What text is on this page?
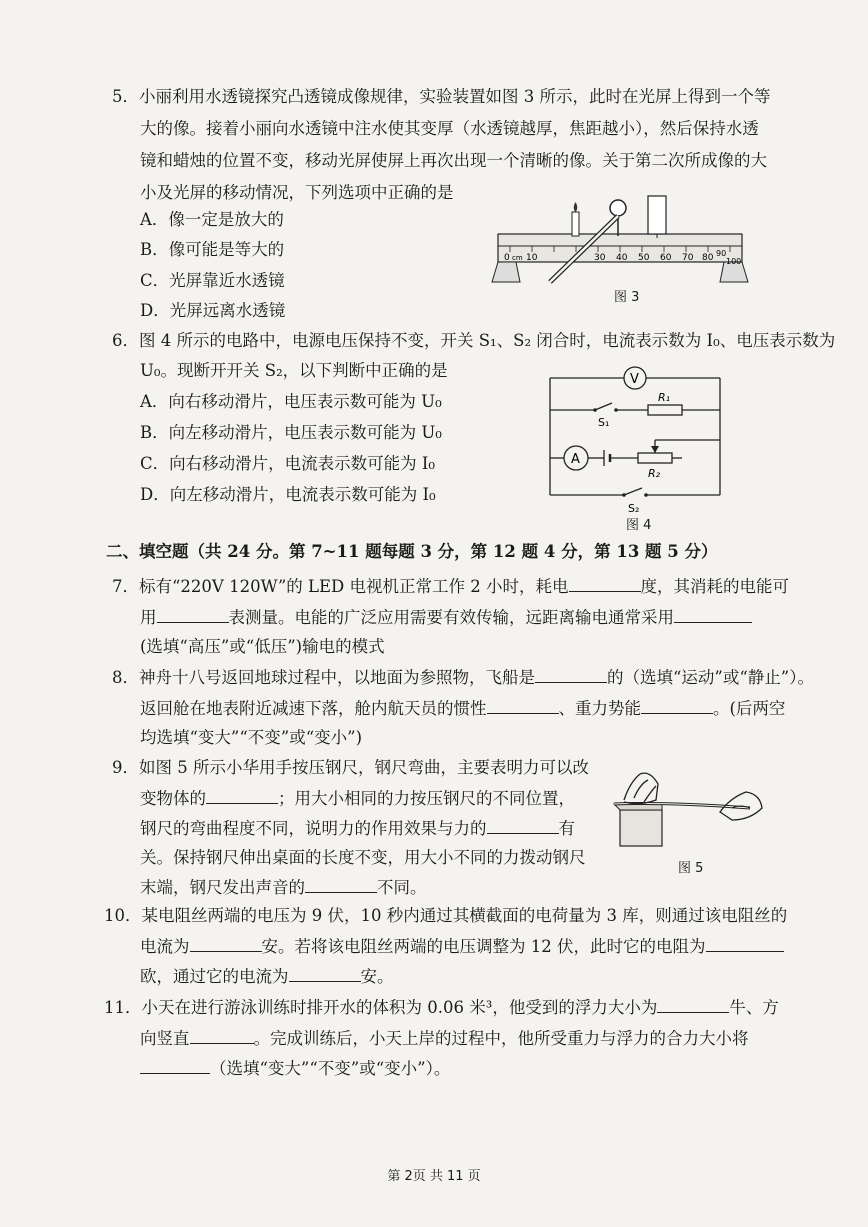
5．小丽利用水透镜探究凸透镜成像规律，实验装置如图 3 所示，此时在光屏上得到一个等
大的像。接着小丽向水透镜中注水使其变厚（水透镜越厚，焦距越小），然后保持水透
镜和蜡烛的位置不变，移动光屏使屏上再次出现一个清晰的像。关于第二次所成像的大
小及光屏的移动情况，下列选项中正确的是
A．像一定是放大的
B．像可能是等大的
C．光屏靠近水透镜
D．光屏远离水透镜
0 cm 10	30 40 50 60 70 80 90
100
图 3
6．图 4 所示的电路中，电源电压保持不变，开关 S₁、S₂ 闭合时，电流表示数为 I₀、电压表示数为
U₀。现断开开关 S₂，以下判断中正确的是
A．向右移动滑片，电压表示数可能为 U₀
B．向左移动滑片，电压表示数可能为 U₀
C．向右移动滑片，电流表示数可能为 I₀
D．向左移动滑片，电流表示数可能为 I₀
V
A
R₁
R₂
S₁
S₂
图 4
二、填空题（共 24 分。第 7~11 题每题 3 分，第 12 题 4 分，第 13 题 5 分）
7．标有“220V 120W”的 LED 电视机正常工作 2 小时，耗电	度，其消耗的电能可
用	表测量。电能的广泛应用需要有效传输，远距离输电通常采用
(选填“高压”或“低压”)输电的模式
8．神舟十八号返回地球过程中，以地面为参照物，飞船是	的（选填“运动”或“静止”）。
返回舱在地表附近减速下落，舱内航天员的惯性	、重力势能	。(后两空
均选填“变大”“不变”或“变小”)
9．如图 5 所示小华用手按压钢尺，钢尺弯曲，主要表明力可以改
变物体的	；用大小相同的力按压钢尺的不同位置，
钢尺的弯曲程度不同，说明力的作用效果与力的	有
关。保持钢尺伸出桌面的长度不变，用大小不同的力拨动钢尺
末端，钢尺发出声音的	不同。
图 5
10．某电阻丝两端的电压为 9 伏，10 秒内通过其横截面的电荷量为 3 库，则通过该电阻丝的
电流为	安。若将该电阻丝两端的电压调整为 12 伏，此时它的电阻为
欧，通过它的电流为	安。
11．小天在进行游泳训练时排开水的体积为 0.06 米³，他受到的浮力大小为	牛、方
向竖直	。完成训练后，小天上岸的过程中，他所受重力与浮力的合力大小将
（选填“变大”“不变”或“变小”）。
第 2页 共 11 页
